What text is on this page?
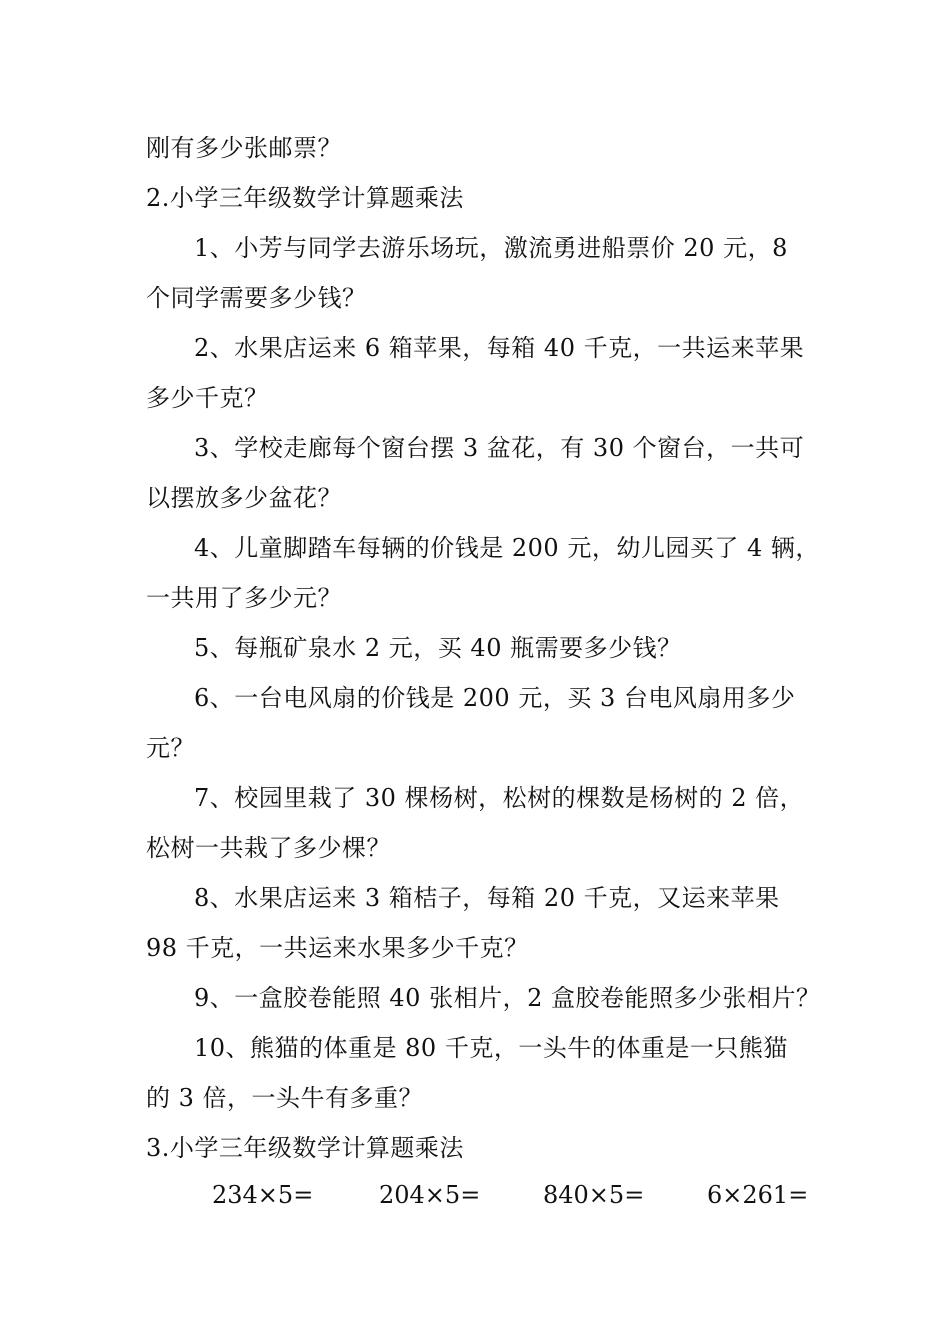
刚有多少张邮票？
2.小学三年级数学计算题乘法
1、小芳与同学去游乐场玩，激流勇进船票价 20 元，8
个同学需要多少钱？
2、水果店运来 6 箱苹果，每箱 40 千克，一共运来苹果
多少千克？
3、学校走廊每个窗台摆 3 盆花，有 30 个窗台，一共可
以摆放多少盆花？
4、儿童脚踏车每辆的价钱是 200 元，幼儿园买了 4 辆，
一共用了多少元？
5、每瓶矿泉水 2 元，买 40 瓶需要多少钱？
6、一台电风扇的价钱是 200 元，买 3 台电风扇用多少
元？
7、校园里栽了 30 棵杨树，松树的棵数是杨树的 2 倍，
松树一共栽了多少棵？
8、水果店运来 3 箱桔子，每箱 20 千克，又运来苹果
98 千克，一共运来水果多少千克？
9、一盒胶卷能照 40 张相片，2 盒胶卷能照多少张相片？
10、熊猫的体重是 80 千克，一头牛的体重是一只熊猫
的 3 倍，一头牛有多重？
3.小学三年级数学计算题乘法
234×5=	204×5=	840×5=	6×261=
